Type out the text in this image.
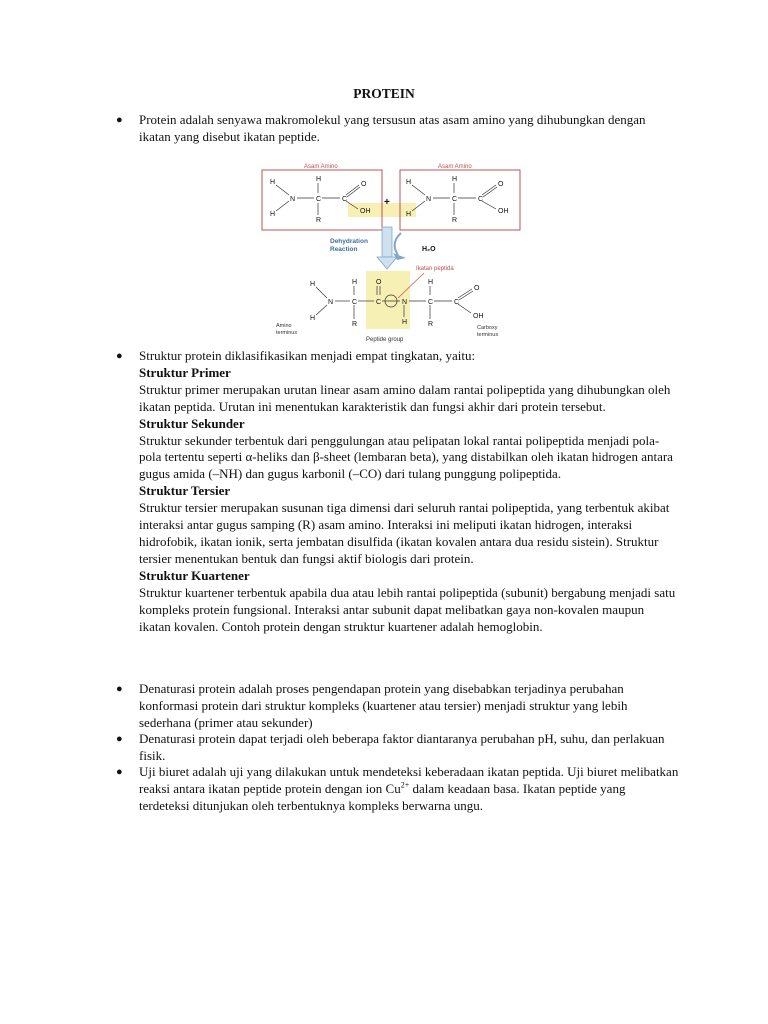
PROTEIN
● Protein adalah senyawa makromolekul yang tersusun atas asam amino yang dihubungkan dengan ikatan yang disebut ikatan peptide.
Asam Amino	Asam Amino
H
H
N
H
C
R
C
O
OH
+
H
H
N
H
C
R
C
O
OH
Dehydration
Reaction	H₂O
Ikatan peptida
H
H
N
H
C
R
O
C	N
H
H
C
R
C
O
OH
Amino
terminus
Carboxy
terminus
Peptide group
● Struktur protein diklasifikasikan menjadi empat tingkatan, yaitu:
Struktur Primer
Struktur primer merupakan urutan linear asam amino dalam rantai polipeptida yang dihubungkan oleh ikatan peptida. Urutan ini menentukan karakteristik dan fungsi akhir dari protein tersebut.
Struktur Sekunder
Struktur sekunder terbentuk dari penggulungan atau pelipatan lokal rantai polipeptida menjadi pola-pola tertentu seperti α-heliks dan β-sheet (lembaran beta), yang distabilkan oleh ikatan hidrogen antara gugus amida (–NH) dan gugus karbonil (–CO) dari tulang punggung polipeptida.
Struktur Tersier
Struktur tersier merupakan susunan tiga dimensi dari seluruh rantai polipeptida, yang terbentuk akibat interaksi antar gugus samping (R) asam amino. Interaksi ini meliputi ikatan hidrogen, interaksi hidrofobik, ikatan ionik, serta jembatan disulfida (ikatan kovalen antara dua residu sistein). Struktur tersier menentukan bentuk dan fungsi aktif biologis dari protein.
Struktur Kuartener
Struktur kuartener terbentuk apabila dua atau lebih rantai polipeptida (subunit) bergabung menjadi satu kompleks protein fungsional. Interaksi antar subunit dapat melibatkan gaya non-kovalen maupun ikatan kovalen. Contoh protein dengan struktur kuartener adalah hemoglobin.
● Denaturasi protein adalah proses pengendapan protein yang disebabkan terjadinya perubahan konformasi protein dari struktur kompleks (kuartener atau tersier) menjadi struktur yang lebih sederhana (primer atau sekunder)
● Denaturasi protein dapat terjadi oleh beberapa faktor diantaranya perubahan pH, suhu, dan perlakuan fisik.
● Uji biuret adalah uji yang dilakukan untuk mendeteksi keberadaan ikatan peptida. Uji biuret melibatkan reaksi antara ikatan peptide protein dengan ion $Cu^{2+}$ dalam keadaan basa. Ikatan peptide yang terdeteksi ditunjukan oleh terbentuknya kompleks berwarna ungu.
